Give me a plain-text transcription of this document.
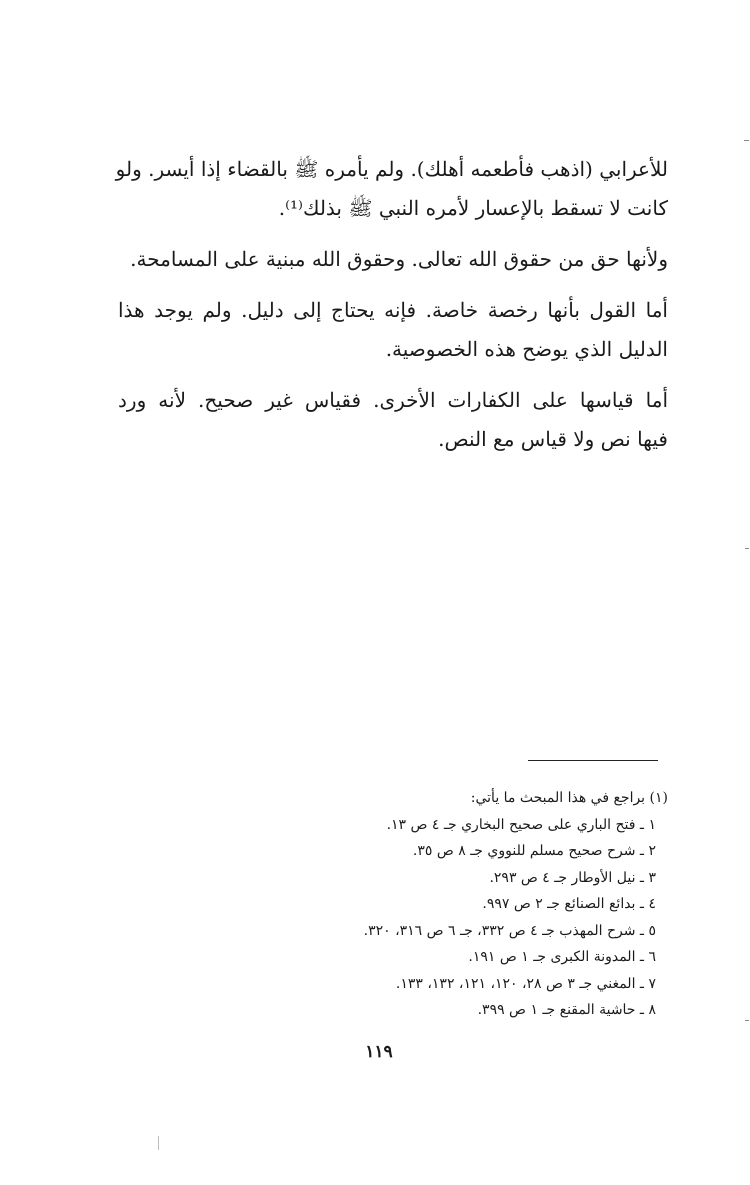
للأعرابي (اذهب فأطعمه أهلك). ولم يأمره ﷺ بالقضاء إذا أيسر. ولو
كانت لا تسقط بالإعسار لأمره النبي ﷺ بذلك⁽¹⁾.

ولأنها حق من حقوق الله تعالى. وحقوق الله مبنية على المسامحة.

أما القول بأنها رخصة خاصة. فإنه يحتاج إلى دليل. ولم يوجد هذا
الدليل الذي يوضح هذه الخصوصية.

أما قياسها على الكفارات الأخرى. فقياس غير صحيح. لأنه ورد
فيها نص ولا قياس مع النص.

(١) براجع في هذا المبحث ما يأتي:
١ ـ فتح الباري على صحيح البخاري جـ ٤ ص ١٣.
٢ ـ شرح صحيح مسلم للنووي جـ ٨ ص ٣٥.
٣ ـ نيل الأوطار جـ ٤ ص ٢٩٣.
٤ ـ بدائع الصنائع جـ ٢ ص ٩٩٧.
٥ ـ شرح المهذب جـ ٤ ص ٣٣٢، جـ ٦ ص ٣١٦، ٣٢٠.
٦ ـ المدونة الكبرى جـ ١ ص ١٩١.
٧ ـ المغني جـ ٣ ص ٢٨، ١٢٠، ١٢١، ١٣٢، ١٣٣.
٨ ـ حاشية المقنع جـ ١ ص ٣٩٩.
١١٩
